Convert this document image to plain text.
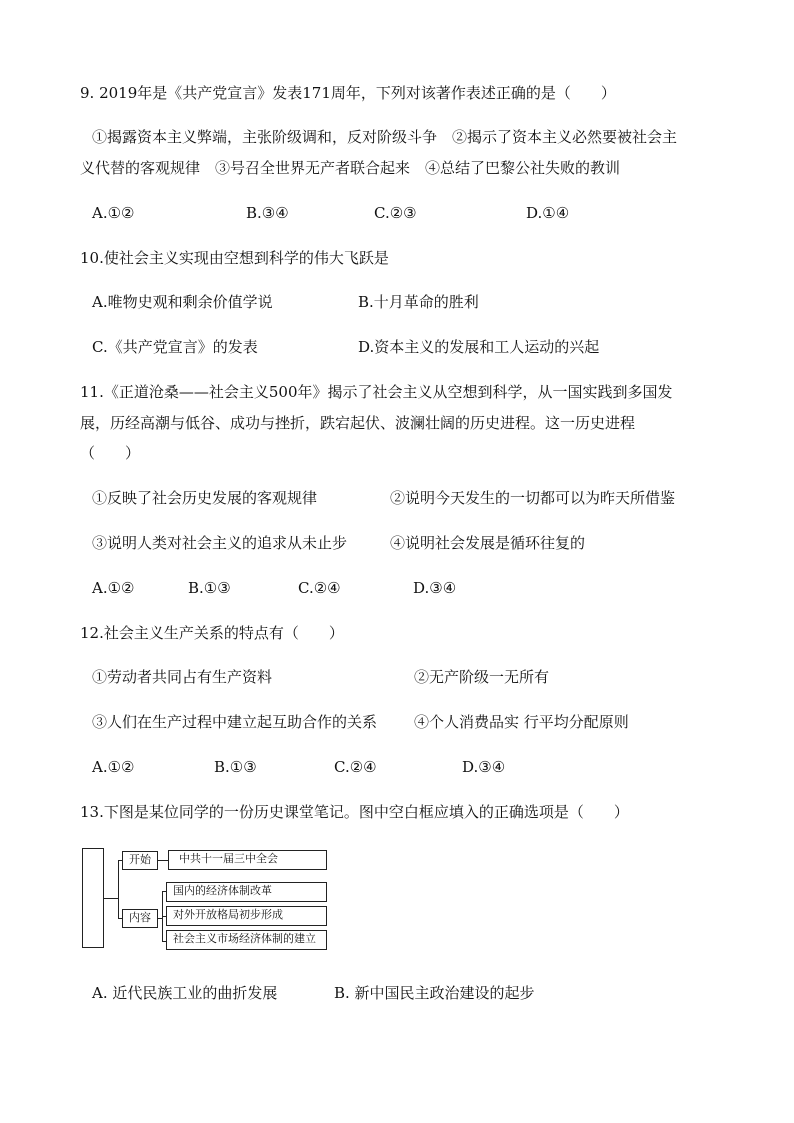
9. 2019年是《共产党宣言》发表171周年，下列对该著作表述正确的是（　　）
①揭露资本主义弊端，主张阶级调和，反对阶级斗争　②揭示了资本主义必然要被社会主
义代替的客观规律　③号召全世界无产者联合起来　④总结了巴黎公社失败的教训
A.①②	B.③④	C.②③	D.①④
10.使社会主义实现由空想到科学的伟大飞跃是
A.唯物史观和剩余价值学说	B.十月革命的胜利
C.《共产党宣言》的发表	D.资本主义的发展和工人运动的兴起
11.《正道沧桑——社会主义500年》揭示了社会主义从空想到科学，从一国实践到多国发
展，历经高潮与低谷、成功与挫折，跌宕起伏、波澜壮阔的历史进程。这一历史进程
（　　）
①反映了社会历史发展的客观规律	②说明今天发生的一切都可以为昨天所借鉴
③说明人类对社会主义的追求从未止步	④说明社会发展是循环往复的
A.①②	B.①③	C.②④	D.③④
12.社会主义生产关系的特点有（　　）
①劳动者共同占有生产资料	②无产阶级一无所有
③人们在生产过程中建立起互助合作的关系 ④个人消费品实 行平均分配原则
A.①②	B.①③	C.②④	D.③④
13.下图是某位同学的一份历史课堂笔记。图中空白框应填入的正确选项是（　　）
开始	中共十一届三中全会
内容
国内的经济体制改革
对外开放格局初步形成
社会主义市场经济体制的建立
A. 近代民族工业的曲折发展	B. 新中国民主政治建设的起步
